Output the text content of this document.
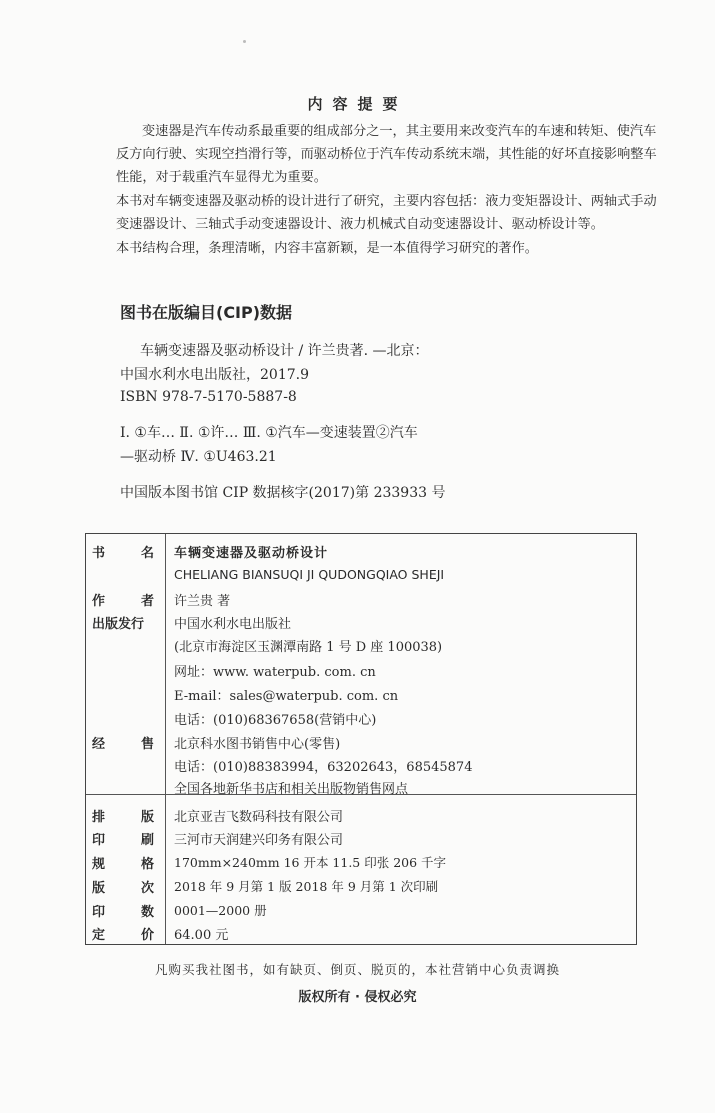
内容提要

变速器是汽车传动系最重要的组成部分之一，其主要用来改变汽车的车速和转矩、使汽车反方向行驶、实现空挡滑行等，而驱动桥位于汽车传动系统末端，其性能的好坏直接影响整车性能，对于载重汽车显得尤为重要。

本书对车辆变速器及驱动桥的设计进行了研究，主要内容包括：液力变矩器设计、两轴式手动变速器设计、三轴式手动变速器设计、液力机械式自动变速器设计、驱动桥设计等。

本书结构合理，条理清晰，内容丰富新颖，是一本值得学习研究的著作。

图书在版编目(CIP)数据
车辆变速器及驱动桥设计 / 许兰贵著. —北京：
中国水利水电出版社，2017.9
ISBN 978-7-5170-5887-8
Ⅰ. ①车… Ⅱ. ①许… Ⅲ. ①汽车—变速装置②汽车
—驱动桥 Ⅳ. ①U463.21
中国版本图书馆 CIP 数据核字(2017)第 233933 号
书	名 车辆变速器及驱动桥设计
CHELIANG BIANSUQI JI QUDONGQIAO SHEJI
作	者 许兰贵 著
出版发行	中国水利水电出版社
(北京市海淀区玉渊潭南路 1 号 D 座 100038)
网址：www. waterpub. com. cn
E-mail：sales@waterpub. com. cn
电话：(010)68367658(营销中心)
经	售 北京科水图书销售中心(零售)
电话：(010)88383994，63202643，68545874
全国各地新华书店和相关出版物销售网点
排	版 北京亚吉飞数码科技有限公司
印	刷 三河市天润建兴印务有限公司
规	格 170mm×240mm 16 开本 11.5 印张 206 千字
版	次 2018 年 9 月第 1 版 2018 年 9 月第 1 次印刷
印	数 0001—2000 册
定	价 64.00 元
凡购买我社图书，如有缺页、倒页、脱页的，本社营销中心负责调换
版权所有 · 侵权必究
